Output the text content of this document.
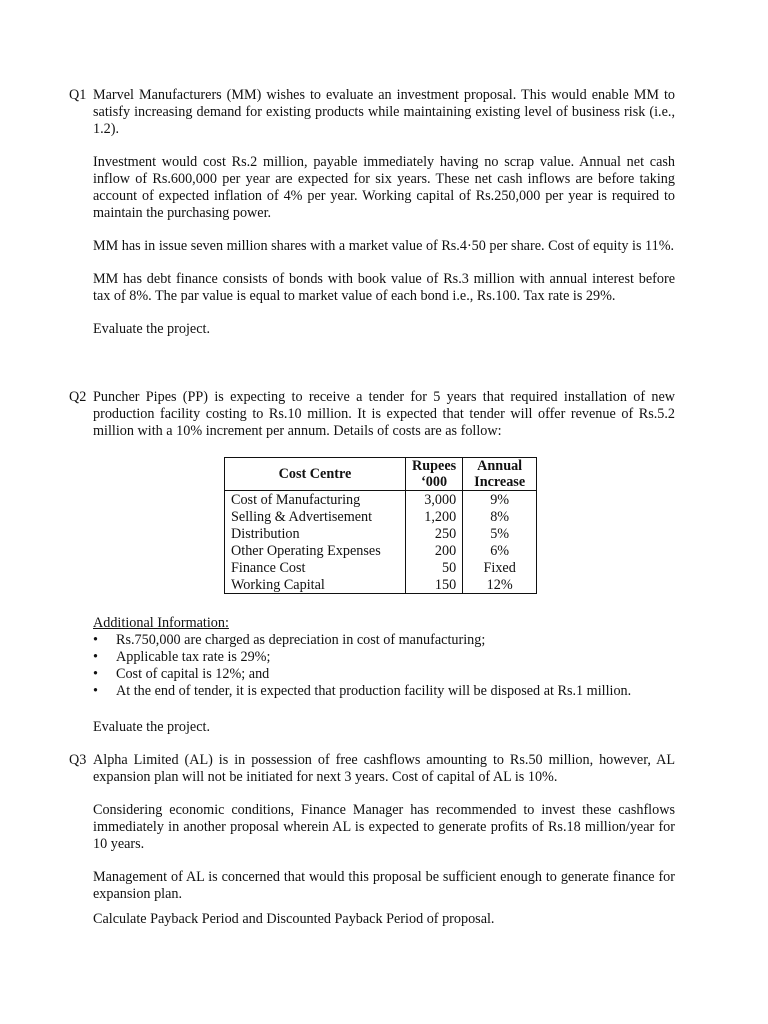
Q1 Marvel Manufacturers (MM) wishes to evaluate an investment proposal. This would enable MM to satisfy increasing demand for existing products while maintaining existing level of business risk (i.e., 1.2).

Investment would cost Rs.2 million, payable immediately having no scrap value. Annual net cash inflow of Rs.600,000 per year are expected for six years. These net cash inflows are before taking account of expected inflation of 4% per year. Working capital of Rs.250,000 per year is required to maintain the purchasing power.

MM has in issue seven million shares with a market value of Rs.4·50 per share. Cost of equity is 11%.

MM has debt finance consists of bonds with book value of Rs.3 million with annual interest before tax of 8%. The par value is equal to market value of each bond i.e., Rs.100. Tax rate is 29%.

Evaluate the project.

Q2 Puncher Pipes (PP) is expecting to receive a tender for 5 years that required installation of new production facility costing to Rs.10 million. It is expected that tender will offer revenue of Rs.5.2 million with a 10% increment per annum. Details of costs are as follow:

Cost Centre	Rupees ‘000	Annual Increase
Cost of Manufacturing	3,000	9%
Selling & Advertisement	1,200	8%
Distribution	250	5%
Other Operating Expenses	200	6%
Finance Cost	50	Fixed
Working Capital	150	12%
Additional Information:
• Rs.750,000 are charged as depreciation in cost of manufacturing;
• Applicable tax rate is 29%;
• Cost of capital is 12%; and
• At the end of tender, it is expected that production facility will be disposed at Rs.1 million.
Evaluate the project.
Q3 Alpha Limited (AL) is in possession of free cashflows amounting to Rs.50 million, however, AL expansion plan will not be initiated for next 3 years. Cost of capital of AL is 10%.

Considering economic conditions, Finance Manager has recommended to invest these cashflows immediately in another proposal wherein AL is expected to generate profits of Rs.18 million/year for 10 years.

Management of AL is concerned that would this proposal be sufficient enough to generate finance for expansion plan.

Calculate Payback Period and Discounted Payback Period of proposal.
